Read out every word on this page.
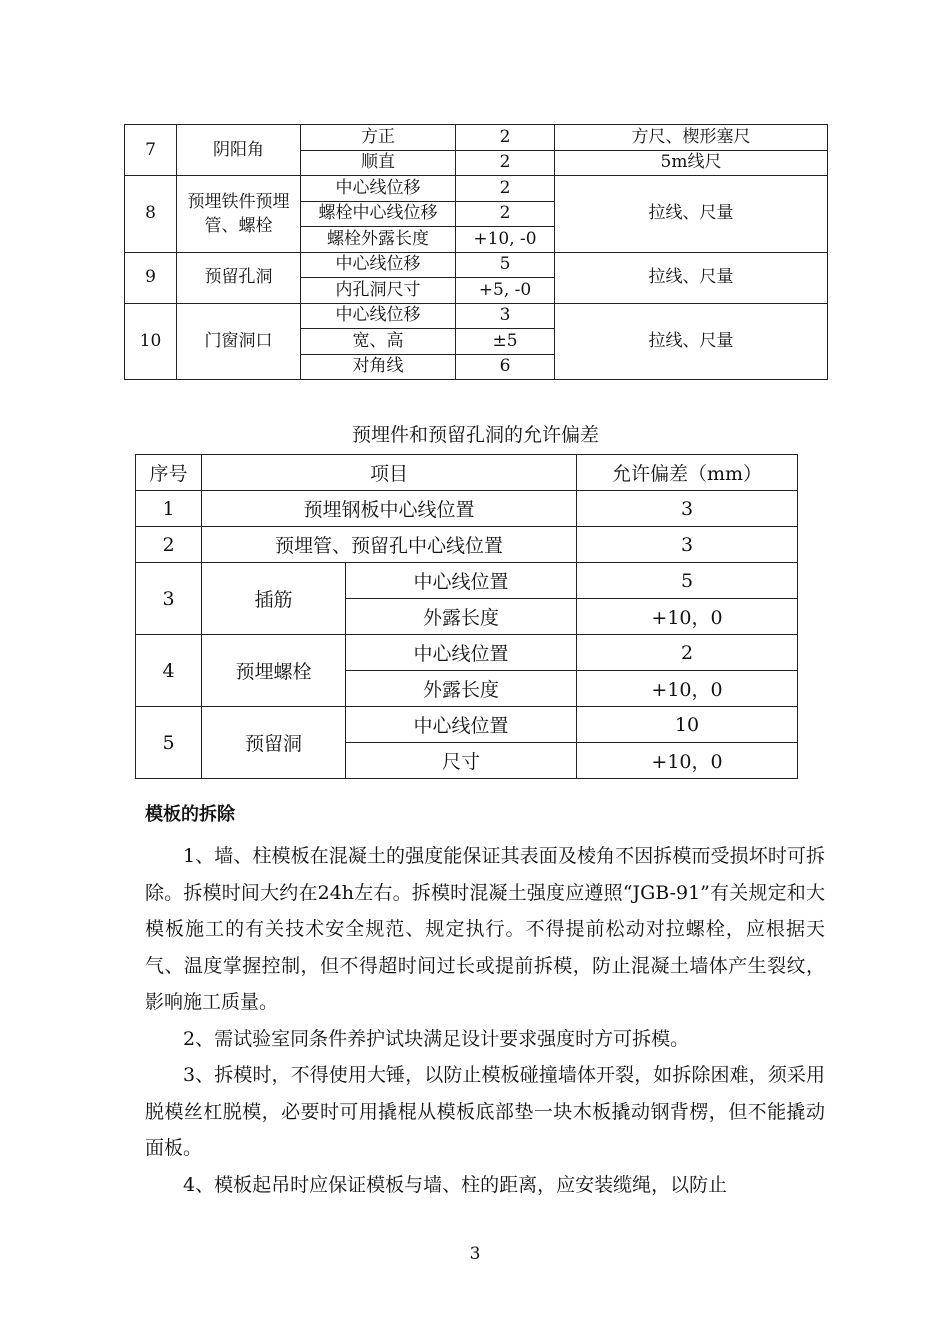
7	阴阳角	方正	2	方尺、楔形塞尺
		顺直	2	5m线尺
8	预埋铁件预埋管、螺栓	中心线位移	2	拉线、尺量
		螺栓中心线位移	2	
		螺栓外露长度	+10, -0	
9	预留孔洞	中心线位移	5	拉线、尺量
		内孔洞尺寸	+5, -0	
10	门窗洞口	中心线位移	3	拉线、尺量
		宽、高	±5	
		对角线	6	
预埋件和预留孔洞的允许偏差
序号	项目		允许偏差（mm）
1	预埋钢板中心线位置		3
2	预埋管、预留孔中心线位置		3
3	插筋	中心线位置	5
		外露长度	+10，0
4	预埋螺栓	中心线位置	2
		外露长度	+10，0
5	预留洞	中心线位置	10
		尺寸	+10，0
模板的拆除

1、墙、柱模板在混凝土的强度能保证其表面及棱角不因拆模而受损坏时可拆除。拆模时间大约在24h左右。拆模时混凝土强度应遵照“JGB-91”有关规定和大模板施工的有关技术安全规范、规定执行。不得提前松动对拉螺栓，应根据天气、温度掌握控制，但不得超时间过长或提前拆模，防止混凝土墙体产生裂纹，影响施工质量。

2、需试验室同条件养护试块满足设计要求强度时方可拆模。

3、拆模时，不得使用大锤，以防止模板碰撞墙体开裂，如拆除困难，须采用脱模丝杠脱模，必要时可用撬棍从模板底部垫一块木板撬动钢背楞，但不能撬动面板。

4、模板起吊时应保证模板与墙、柱的距离，应安装缆绳，以防止

3
